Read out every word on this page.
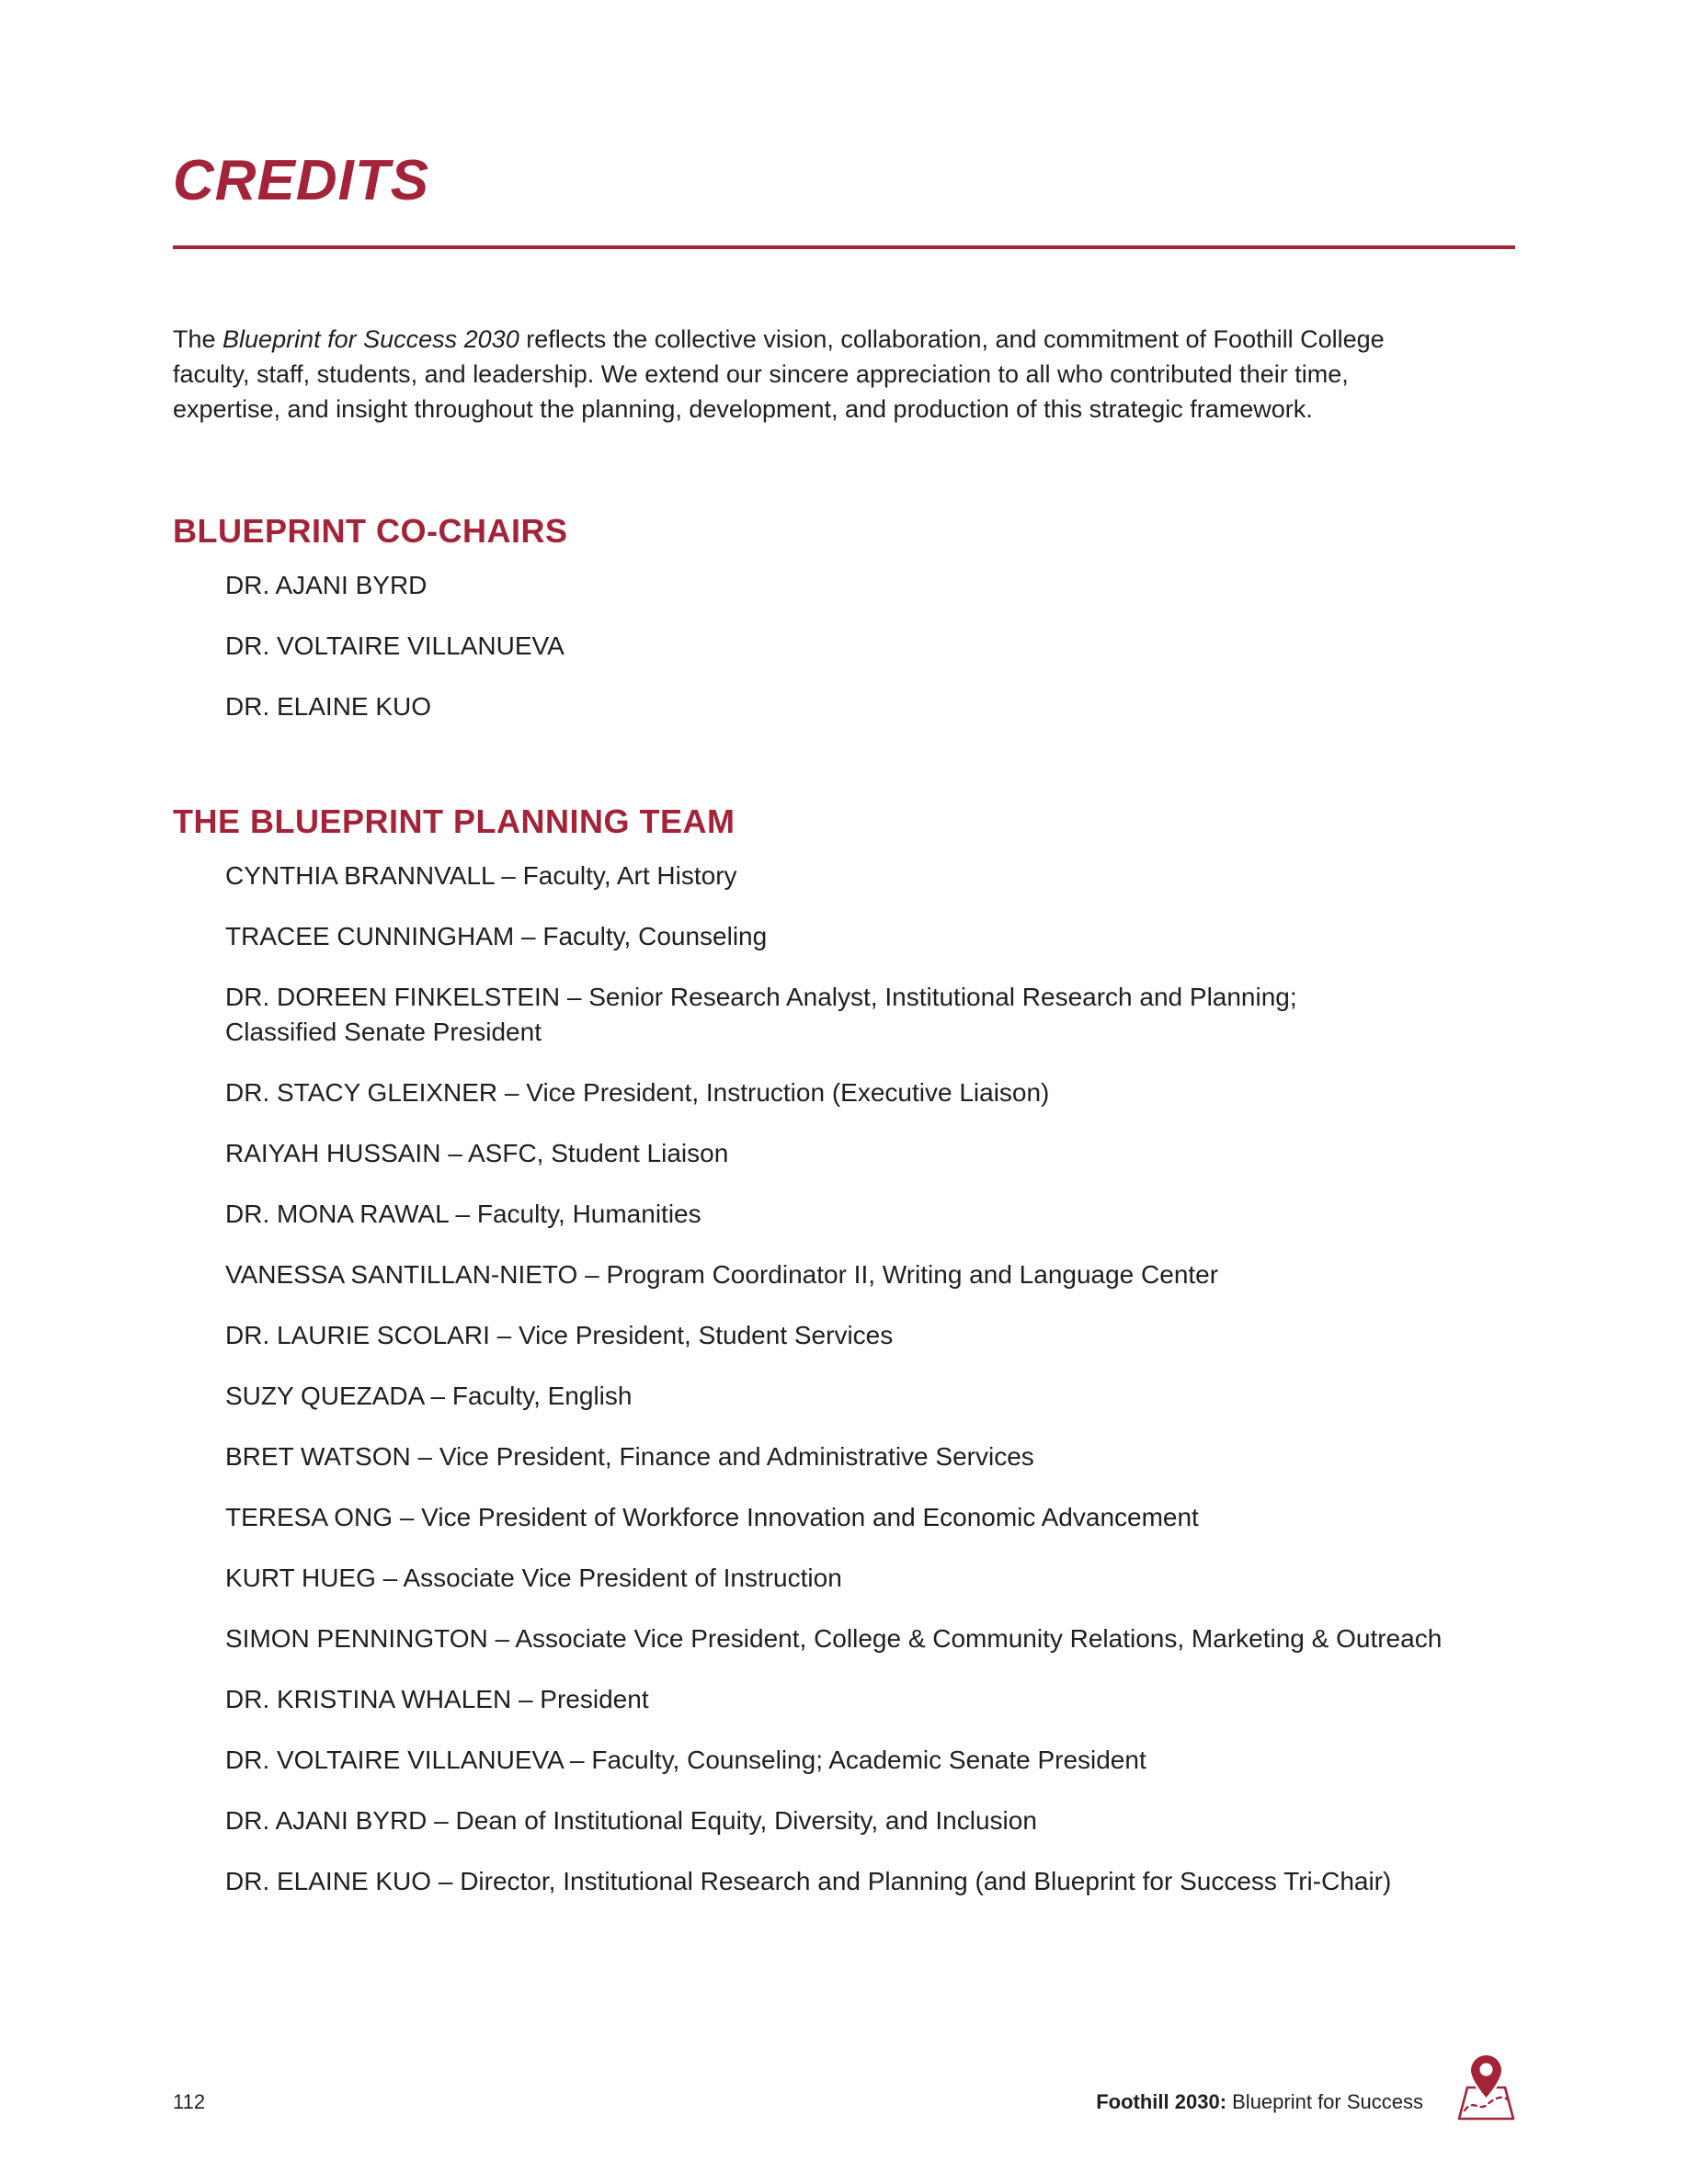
CREDITS

The Blueprint for Success 2030 reflects the collective vision, collaboration, and commitment of Foothill College
faculty, staff, students, and leadership. We extend our sincere appreciation to all who contributed their time,
expertise, and insight throughout the planning, development, and production of this strategic framework.

BLUEPRINT CO-CHAIRS

DR. AJANI BYRD

DR. VOLTAIRE VILLANUEVA

DR. ELAINE KUO

THE BLUEPRINT PLANNING TEAM

CYNTHIA BRANNVALL – Faculty, Art History

TRACEE CUNNINGHAM – Faculty, Counseling

DR. DOREEN FINKELSTEIN – Senior Research Analyst, Institutional Research and Planning;
Classified Senate President

DR. STACY GLEIXNER – Vice President, Instruction (Executive Liaison)

RAIYAH HUSSAIN – ASFC, Student Liaison

DR. MONA RAWAL – Faculty, Humanities

VANESSA SANTILLAN-NIETO – Program Coordinator II, Writing and Language Center

DR. LAURIE SCOLARI – Vice President, Student Services

SUZY QUEZADA – Faculty, English

BRET WATSON – Vice President, Finance and Administrative Services

TERESA ONG – Vice President of Workforce Innovation and Economic Advancement

KURT HUEG – Associate Vice President of Instruction

SIMON PENNINGTON – Associate Vice President, College & Community Relations, Marketing & Outreach

DR. KRISTINA WHALEN – President

DR. VOLTAIRE VILLANUEVA – Faculty, Counseling; Academic Senate President

DR. AJANI BYRD – Dean of Institutional Equity, Diversity, and Inclusion

DR. ELAINE KUO – Director, Institutional Research and Planning (and Blueprint for Success Tri-Chair)

112	Foothill 2030: Blueprint for Success
